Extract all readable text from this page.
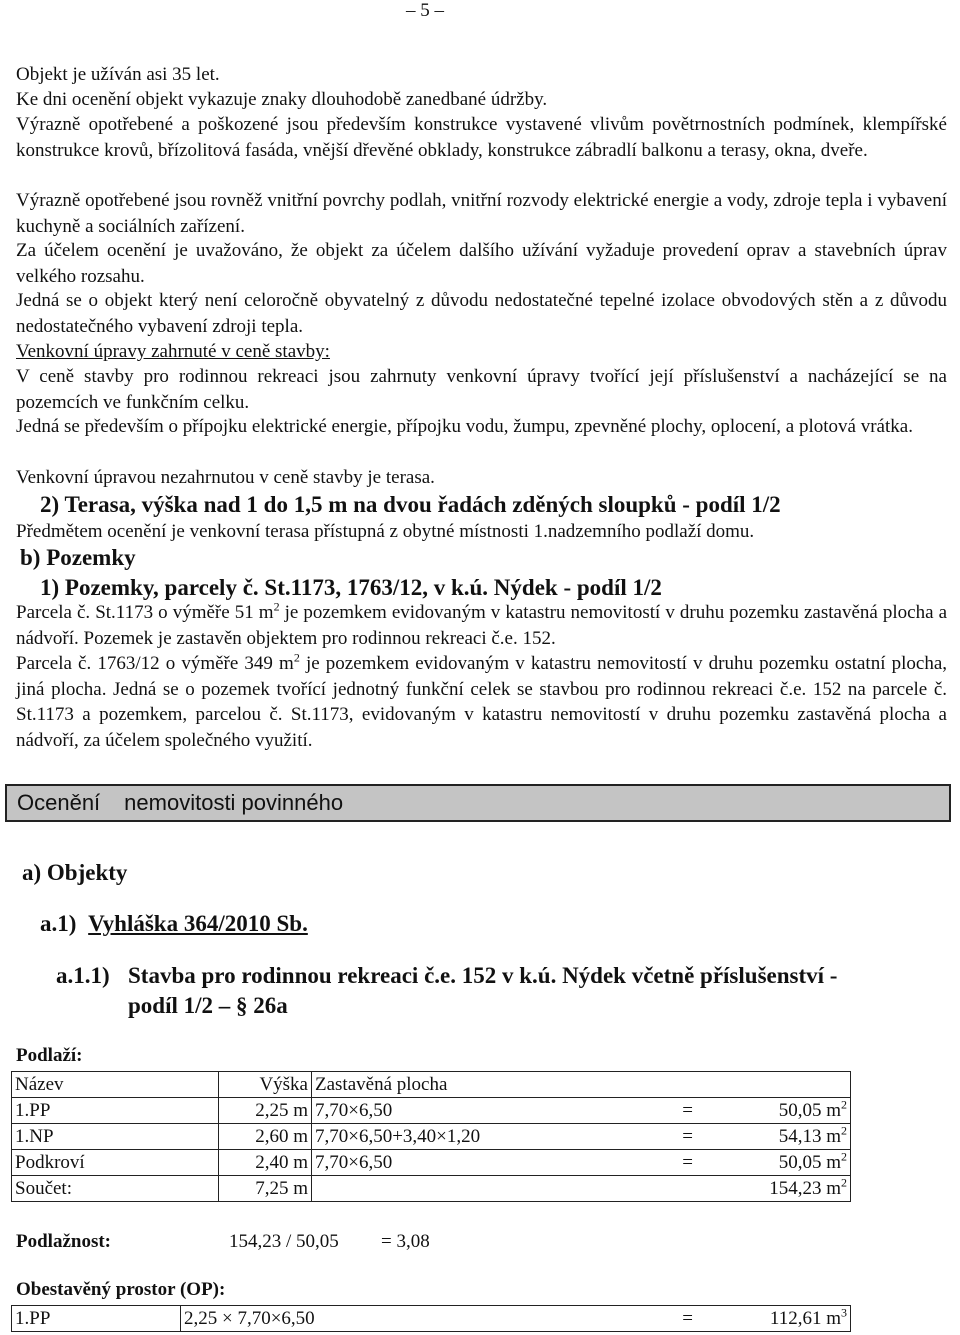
– 5 –
Objekt je užíván asi 35 let.
Ke dni ocenění objekt vykazuje znaky dlouhodobě zanedbané údržby.
Výrazně opotřebené a poškozené jsou především konstrukce vystavené vlivům povětrnostních podmínek, klempířské konstrukce krovů, břízolitová fasáda, vnější dřevěné obklady, konstrukce zábradlí balkonu a terasy, okna, dveře.
Výrazně opotřebené jsou rovněž vnitřní povrchy podlah, vnitřní rozvody elektrické energie a vody, zdroje tepla i vybavení kuchyně a sociálních zařízení.
Za účelem ocenění je uvažováno, že objekt za účelem dalšího užívání vyžaduje provedení oprav a stavebních úprav velkého rozsahu.
Jedná se o objekt který není celoročně obyvatelný z důvodu nedostatečné tepelné izolace obvodových stěn a z důvodu nedostatečného vybavení zdroji tepla.
Venkovní úpravy zahrnuté v ceně stavby:
V ceně stavby pro rodinnou rekreaci jsou zahrnuty venkovní úpravy tvořící její příslušenství a nacházející se na pozemcích ve funkčním celku.
Jedná se především o přípojku elektrické energie, přípojku vodu, žumpu, zpevněné plochy, oplocení, a plotová vrátka.
Venkovní úpravou nezahrnutou v ceně stavby je terasa.
2) Terasa, výška nad 1 do 1,5 m na dvou řadách zděných sloupků - podíl 1/2
Předmětem ocenění je venkovní terasa přístupná z obytné místnosti 1.nadzemního podlaží domu.
b) Pozemky
1) Pozemky, parcely č. St.1173, 1763/12, v k.ú. Nýdek - podíl 1/2
Parcela č. St.1173 o výměře 51 $m^2$ je pozemkem evidovaným v katastru nemovitostí v druhu pozemku zastavěná plocha a nádvoří. Pozemek je zastavěn objektem pro rodinnou rekreaci č.e. 152.
Parcela č. 1763/12 o výměře 349 $m^2$ je pozemkem evidovaným v katastru nemovitostí v druhu pozemku ostatní plocha, jiná plocha. Jedná se o pozemek tvořící jednotný funkční celek se stavbou pro rodinnou rekreaci č.e. 152 na parcele č. St.1173 a pozemkem, parcelou č. St.1173, evidovaným v katastru nemovitostí v druhu pozemku zastavěná plocha a nádvoří, za účelem společného využití.
Ocenění nemovitosti povinného
a) Objekty
a.1) Vyhláška 364/2010 Sb.
a.1.1) Stavba pro rodinnou rekreaci č.e. 152 v k.ú. Nýdek včetně příslušenství -
podíl 1/2 – § 26a
Podlaží:
Název	Výška	Zastavěná plocha	
1.PP	2,25 m	7,70×6,50 =	50,05 $m^2$
1.NP	2,60 m	7,70×6,50+3,40×1,20 =	54,13 $m^2$
Podkroví	2,40 m	7,70×6,50 =	50,05 $m^2$
Součet:	7,25 m		154,23 $m^2$
Podlažnost:	154,23 / 50,05 = 3,08
Obestavěný prostor (OP):
1.PP	2,25 × 7,70×6,50	=	112,61 $m^3$
